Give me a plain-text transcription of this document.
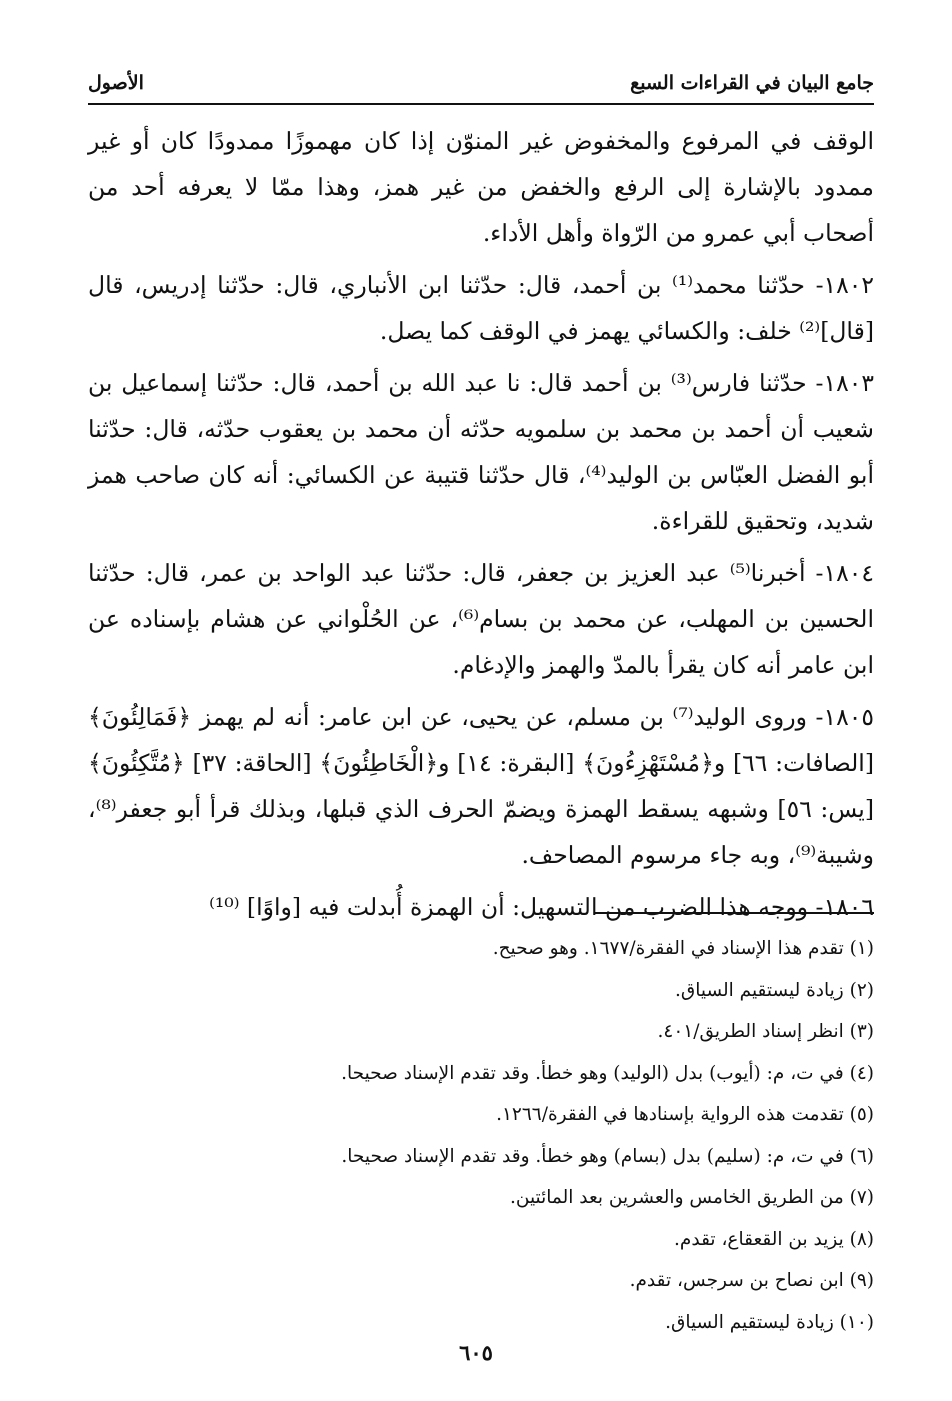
جامع البيان في القراءات السبع
الأصول

الوقف في المرفوع والمخفوض غير المنوّن إذا كان مهموزًا ممدودًا كان أو غير ممدود بالإشارة إلى الرفع والخفض من غير همز، وهذا ممّا لا يعرفه أحد من أصحاب أبي عمرو من الرّواة وأهل الأداء.

١٨٠٢- حدّثنا محمد⁽¹⁾ بن أحمد، قال: حدّثنا ابن الأنباري، قال: حدّثنا إدريس، قال [قال]⁽²⁾ خلف: والكسائي يهمز في الوقف كما يصل.

١٨٠٣- حدّثنا فارس⁽³⁾ بن أحمد قال: نا عبد الله بن أحمد، قال: حدّثنا إسماعيل بن شعيب أن أحمد بن محمد بن سلمويه حدّثه أن محمد بن يعقوب حدّثه، قال: حدّثنا أبو الفضل العبّاس بن الوليد⁽⁴⁾، قال حدّثنا قتيبة عن الكسائي: أنه كان صاحب همز شديد، وتحقيق للقراءة.

١٨٠٤- أخبرنا⁽⁵⁾ عبد العزيز بن جعفر، قال: حدّثنا عبد الواحد بن عمر، قال: حدّثنا الحسين بن المهلب، عن محمد بن بسام⁽⁶⁾، عن الحُلْواني عن هشام بإسناده عن ابن عامر أنه كان يقرأ بالمدّ والهمز والإدغام.

١٨٠٥- وروى الوليد⁽⁷⁾ بن مسلم، عن يحيى، عن ابن عامر: أنه لم يهمز ﴿فَمَالِئُونَ﴾ [الصافات: ٦٦] و﴿مُسْتَهْزِءُونَ﴾ [البقرة: ١٤] و﴿الْخَاطِئُونَ﴾ [الحاقة: ٣٧] ﴿مُتَّكِئُونَ﴾ [يس: ٥٦] وشبهه يسقط الهمزة ويضمّ الحرف الذي قبلها، وبذلك قرأ أبو جعفر⁽⁸⁾، وشيبة⁽⁹⁾، وبه جاء مرسوم المصاحف.

١٨٠٦- ووجه هذا الضرب من التسهيل: أن الهمزة أُبدلت فيه [واوًا] ⁽¹⁰⁾

(١) تقدم هذا الإسناد في الفقرة/١٦٧٧. وهو صحيح.
(٢) زيادة ليستقيم السياق.
(٣) انظر إسناد الطريق/٤٠١.
(٤) في ت، م: (أيوب) بدل (الوليد) وهو خطأ. وقد تقدم الإسناد صحيحا.
(٥) تقدمت هذه الرواية بإسنادها في الفقرة/١٢٦٦.
(٦) في ت، م: (سليم) بدل (بسام) وهو خطأ. وقد تقدم الإسناد صحيحا.
(٧) من الطريق الخامس والعشرين بعد المائتين.
(٨) يزيد بن القعقاع، تقدم.
(٩) ابن نصاح بن سرجس، تقدم.
(١٠) زيادة ليستقيم السياق.
٦٠٥
